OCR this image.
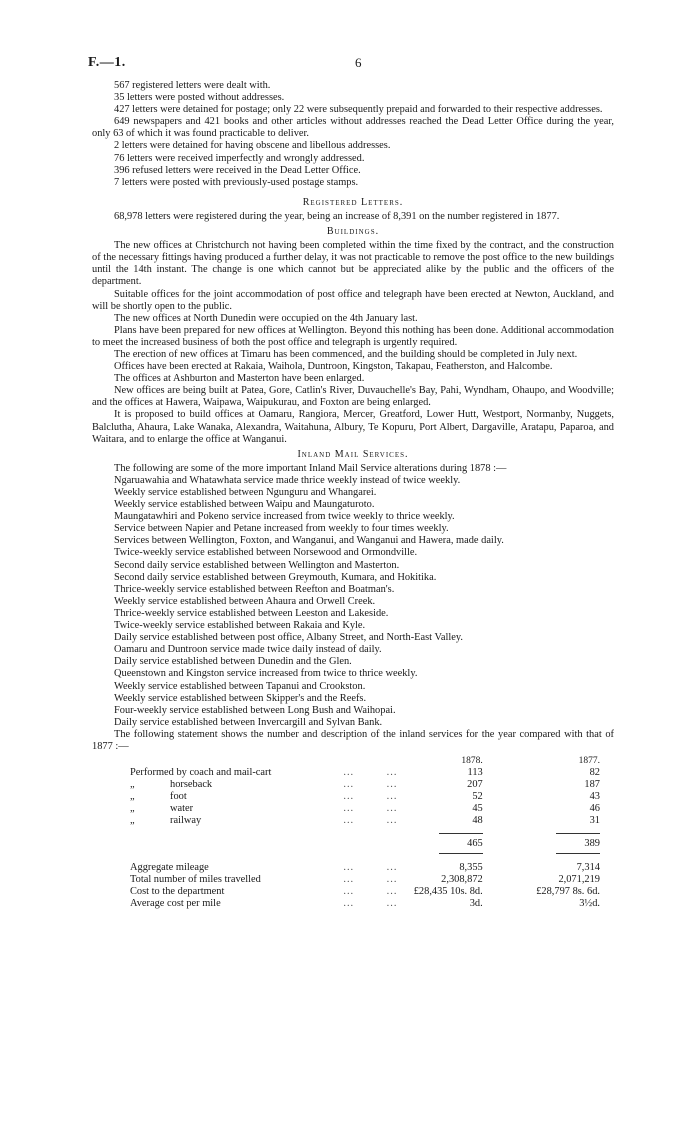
F.—1.	6

567 registered letters were dealt with.

35 letters were posted without addresses.

427 letters were detained for postage; only 22 were subsequently prepaid and forwarded to their respective addresses.

649 newspapers and 421 books and other articles without addresses reached the Dead Letter Office during the year, only 63 of which it was found practicable to deliver.

2 letters were detained for having obscene and libellous addresses.

76 letters were received imperfectly and wrongly addressed.

396 refused letters were received in the Dead Letter Office.

7 letters were posted with previously-used postage stamps.

Registered Letters.

68,978 letters were registered during the year, being an increase of 8,391 on the number registered in 1877.

Buildings.

The new offices at Christchurch not having been completed within the time fixed by the contract, and the construction of the necessary fittings having produced a further delay, it was not practicable to remove the post office to the new buildings until the 14th instant. The change is one which cannot but be appreciated alike by the public and the officers of the department.

Suitable offices for the joint accommodation of post office and telegraph have been erected at Newton, Auckland, and will be shortly open to the public.

The new offices at North Dunedin were occupied on the 4th January last.

Plans have been prepared for new offices at Wellington. Beyond this nothing has been done. Additional accommodation to meet the increased business of both the post office and telegraph is urgently required.

The erection of new offices at Timaru has been commenced, and the building should be completed in July next.

Offices have been erected at Rakaia, Waihola, Duntroon, Kingston, Takapau, Featherston, and Halcombe.

The offices at Ashburton and Masterton have been enlarged.

New offices are being built at Patea, Gore, Catlin's River, Duvauchelle's Bay, Pahi, Wyndham, Ohaupo, and Woodville; and the offices at Hawera, Waipawa, Waipukurau, and Foxton are being enlarged.

It is proposed to build offices at Oamaru, Rangiora, Mercer, Greatford, Lower Hutt, Westport, Normanby, Nuggets, Balclutha, Ahaura, Lake Wanaka, Alexandra, Waitahuna, Albury, Te Kopuru, Port Albert, Dargaville, Aratapu, Paparoa, and Waitara, and to enlarge the office at Wanganui.

Inland Mail Services.

The following are some of the more important Inland Mail Service alterations during 1878 :—

Ngaruawahia and Whatawhata service made thrice weekly instead of twice weekly.

Weekly service established between Ngunguru and Whangarei.

Weekly service established between Waipu and Maungaturoto.

Maungatawhiri and Pokeno service increased from twice weekly to thrice weekly.

Service between Napier and Petane increased from weekly to four times weekly.

Services between Wellington, Foxton, and Wanganui, and Wanganui and Hawera, made daily.

Twice-weekly service established between Norsewood and Ormondville.

Second daily service established between Wellington and Masterton.

Second daily service established between Greymouth, Kumara, and Hokitika.

Thrice-weekly service established between Reefton and Boatman's.

Weekly service established between Ahaura and Orwell Creek.

Thrice-weekly service established between Leeston and Lakeside.

Twice-weekly service established between Rakaia and Kyle.

Daily service established between post office, Albany Street, and North-East Valley.

Oamaru and Duntroon service made twice daily instead of daily.

Daily service established between Dunedin and the Glen.

Queenstown and Kingston service increased from twice to thrice weekly.

Weekly service established between Tapanui and Crookston.

Weekly service established between Skipper's and the Reefs.

Four-weekly service established between Long Bush and Waihopai.

Daily service established between Invercargill and Sylvan Bank.

The following statement shows the number and description of the inland services for the year compared with that of 1877 :—

			1878.	1877.
Performed by coach and mail-cart	...	...	113	82
„ horseback	...	...	207	187
„ foot	...	...	52	43
„ water	...	...	45	46
„ railway	...	...	48	31
			465	389

Aggregate mileage	...	...	8,355	7,314
Total number of miles travelled	...	...	2,308,872	2,071,219
Cost to the department	...	...	£28,435 10s. 8d.	£28,797 8s. 6d.
Average cost per mile	...	...	3d.	3½d.
